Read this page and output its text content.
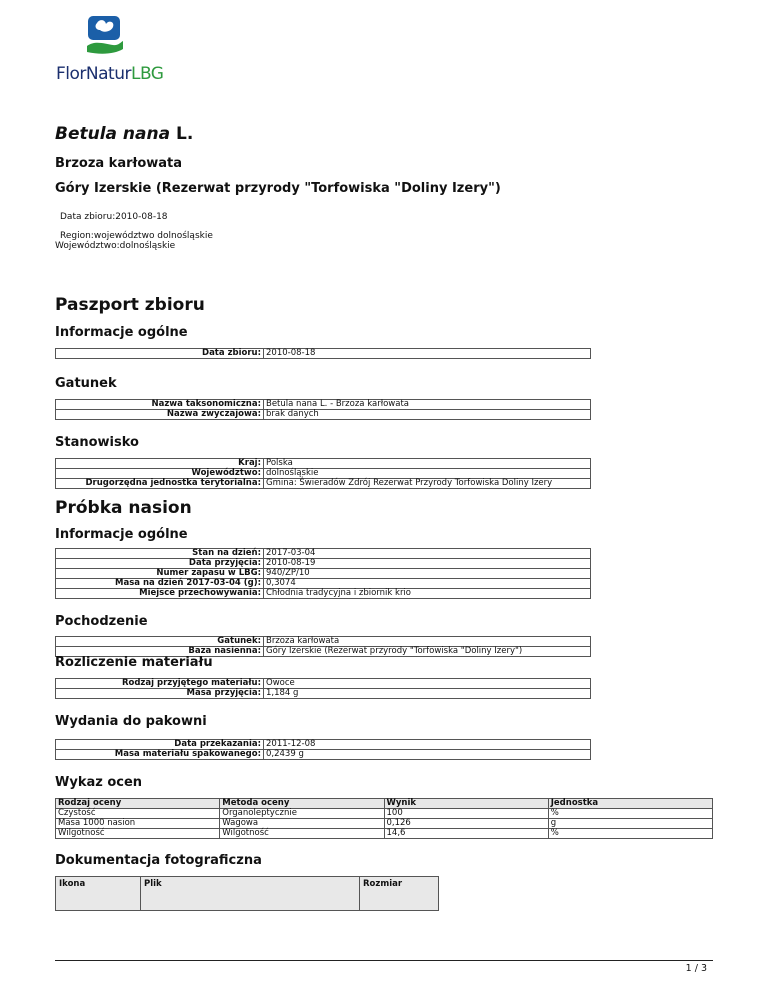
FlorNaturLBG
Betula nana L.
Brzoza karłowata
Góry Izerskie (Rezerwat przyrody "Torfowiska "Doliny Izery")
Data zbioru:2010-08-18
Region:województwo dolnośląskie
Województwo:dolnośląskie
Paszport zbioru
Informacje ogólne
Data zbioru:	2010-08-18
Gatunek
Nazwa taksonomiczna:	Betula nana L. - Brzoza karłowata
Nazwa zwyczajowa:	brak danych
Stanowisko
Kraj:	Polska
Województwo:	dolnośląskie
Drugorzędna jednostka terytorialna:	Gmina: Świeradów Zdrój Rezerwat Przyrody Torfowiska Doliny Izery
Próbka nasion
Informacje ogólne
Stan na dzień:	2017-03-04
Data przyjęcia:	2010-08-19
Numer zapasu w LBG:	940/ZP/10
Masa na dzień 2017-03-04 (g):	0,3074
Miejsce przechowywania:	Chłodnia tradycyjna i zbiornik krio
Pochodzenie
Gatunek:	Brzoza karłowata
Baza nasienna:	Góry Izerskie (Rezerwat przyrody "Torfowiska "Doliny Izery")
Rozliczenie materiału
Rodzaj przyjętego materiału:	Owoce
Masa przyjęcia:	1,184 g
Wydania do pakowni
Data przekazania:	2011-12-08
Masa materiału spakowanego:	0,2439 g
Wykaz ocen
Rodzaj oceny	Metoda oceny	Wynik	Jednostka
Czystość	Organoleptycznie	100	%
Masa 1000 nasion	Wagowa	0,126	g
Wilgotność	Wilgotność	14,6	%
Dokumentacja fotograficzna
Ikona	Plik	Rozmiar
1 / 3
